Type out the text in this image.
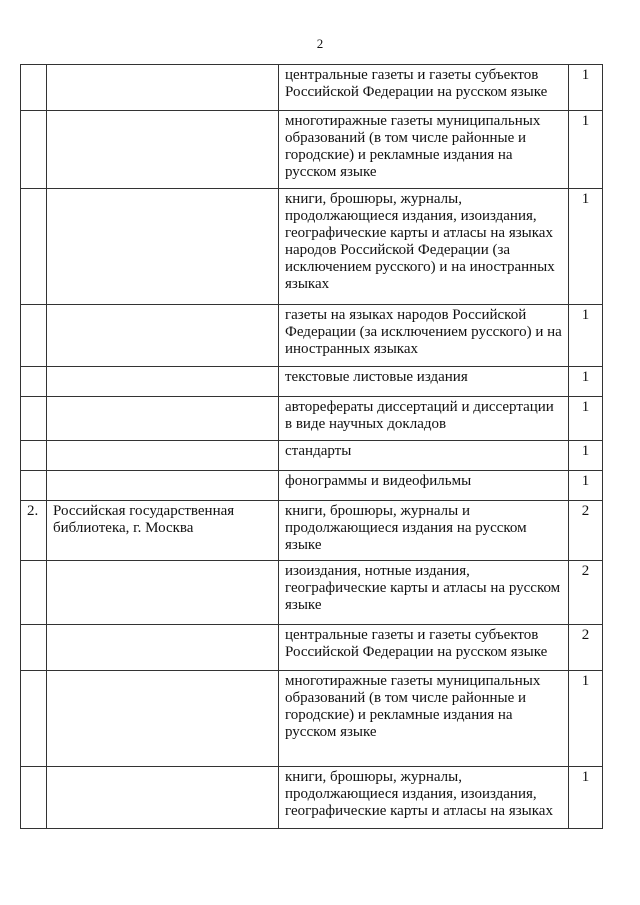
2
		центральные газеты и газеты субъектов Российской Федерации на русском языке	1
		многотиражные газеты муниципальных образований (в том числе районные и городские) и рекламные издания на русском языке	1
		книги, брошюры, журналы, продолжающиеся издания, изоиздания, географические карты и атласы на языках народов Российской Федерации (за исключением русского) и на иностранных языках	1
		газеты на языках народов Российской Федерации (за исключением русского) и на иностранных языках	1
		текстовые листовые издания	1
		авторефераты диссертаций и диссертации в виде научных докладов	1
		стандарты	1
		фонограммы и видеофильмы	1
2.	Российская государственная библиотека, г. Москва	книги, брошюры, журналы и продолжающиеся издания на русском языке	2
		изоиздания, нотные издания, географические карты и атласы на русском языке	2
		центральные газеты и газеты субъектов Российской Федерации на русском языке	2
		многотиражные газеты муниципальных образований (в том числе районные и городские) и рекламные издания на русском языке	1
		книги, брошюры, журналы, продолжающиеся издания, изоиздания, географические карты и атласы на языках	1
